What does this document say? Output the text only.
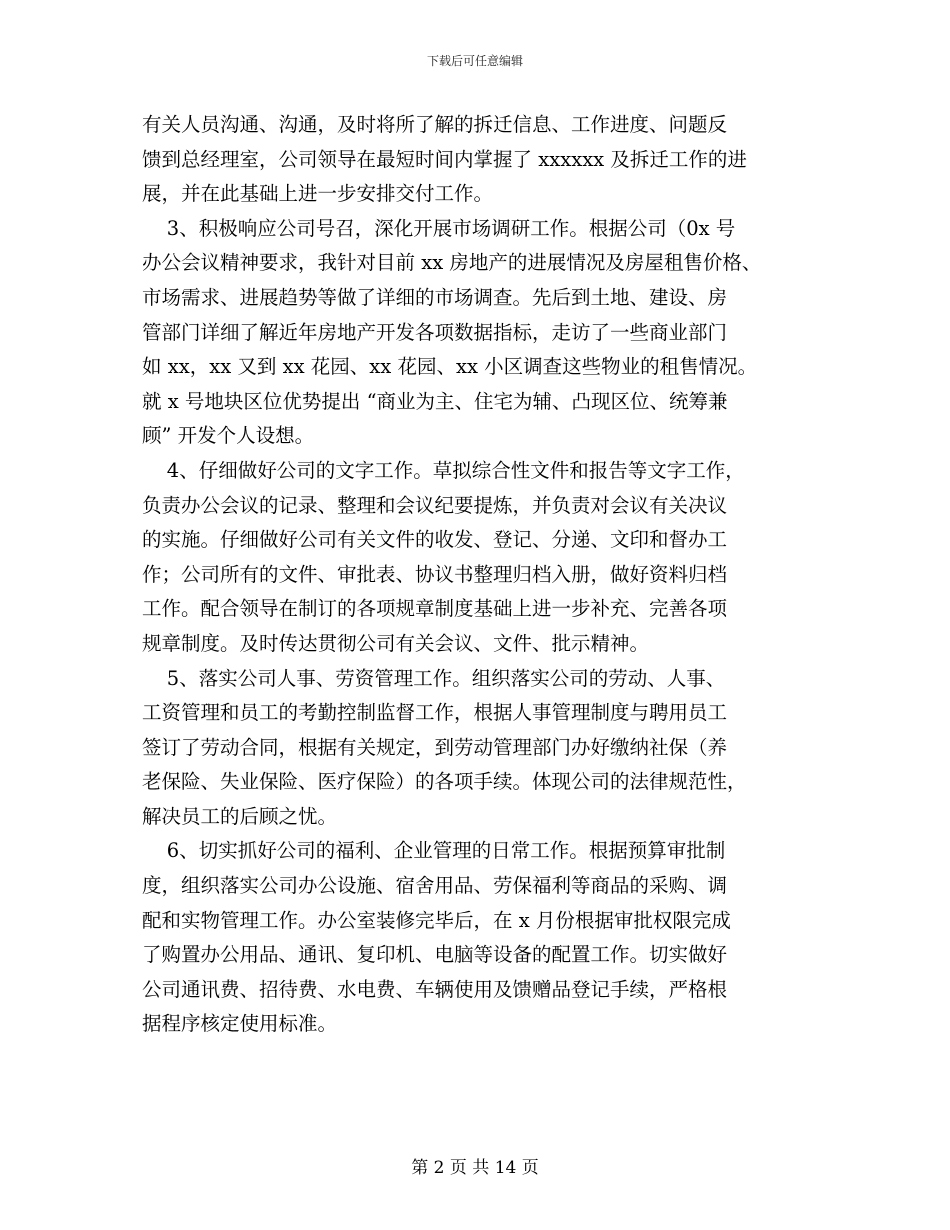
下载后可任意编辑
有关人员沟通、沟通，及时将所了解的拆迁信息、工作进度、问题反
馈到总经理室，公司领导在最短时间内掌握了 xxxxxx 及拆迁工作的进
展，并在此基础上进一步安排交付工作。
3、积极响应公司号召，深化开展市场调研工作。根据公司（0x 号
办公会议精神要求，我针对目前 xx 房地产的进展情况及房屋租售价格、
市场需求、进展趋势等做了详细的市场调查。先后到土地、建设、房
管部门详细了解近年房地产开发各项数据指标，走访了一些商业部门
如 xx，xx 又到 xx 花园、xx 花园、xx 小区调查这些物业的租售情况。
就 x 号地块区位优势提出 “商业为主、住宅为辅、凸现区位、统筹兼
顾” 开发个人设想。
4、仔细做好公司的文字工作。草拟综合性文件和报告等文字工作，
负责办公会议的记录、整理和会议纪要提炼，并负责对会议有关决议
的实施。仔细做好公司有关文件的收发、登记、分递、文印和督办工
作；公司所有的文件、审批表、协议书整理归档入册，做好资料归档
工作。配合领导在制订的各项规章制度基础上进一步补充、完善各项
规章制度。及时传达贯彻公司有关会议、文件、批示精神。
5、落实公司人事、劳资管理工作。组织落实公司的劳动、人事、
工资管理和员工的考勤控制监督工作，根据人事管理制度与聘用员工
签订了劳动合同，根据有关规定，到劳动管理部门办好缴纳社保（养
老保险、失业保险、医疗保险）的各项手续。体现公司的法律规范性，
解决员工的后顾之忧。
6、切实抓好公司的福利、企业管理的日常工作。根据预算审批制
度，组织落实公司办公设施、宿舍用品、劳保福利等商品的采购、调
配和实物管理工作。办公室装修完毕后，在 x 月份根据审批权限完成
了购置办公用品、通讯、复印机、电脑等设备的配置工作。切实做好
公司通讯费、招待费、水电费、车辆使用及馈赠品登记手续，严格根
据程序核定使用标准。
第 2 页 共 14 页
